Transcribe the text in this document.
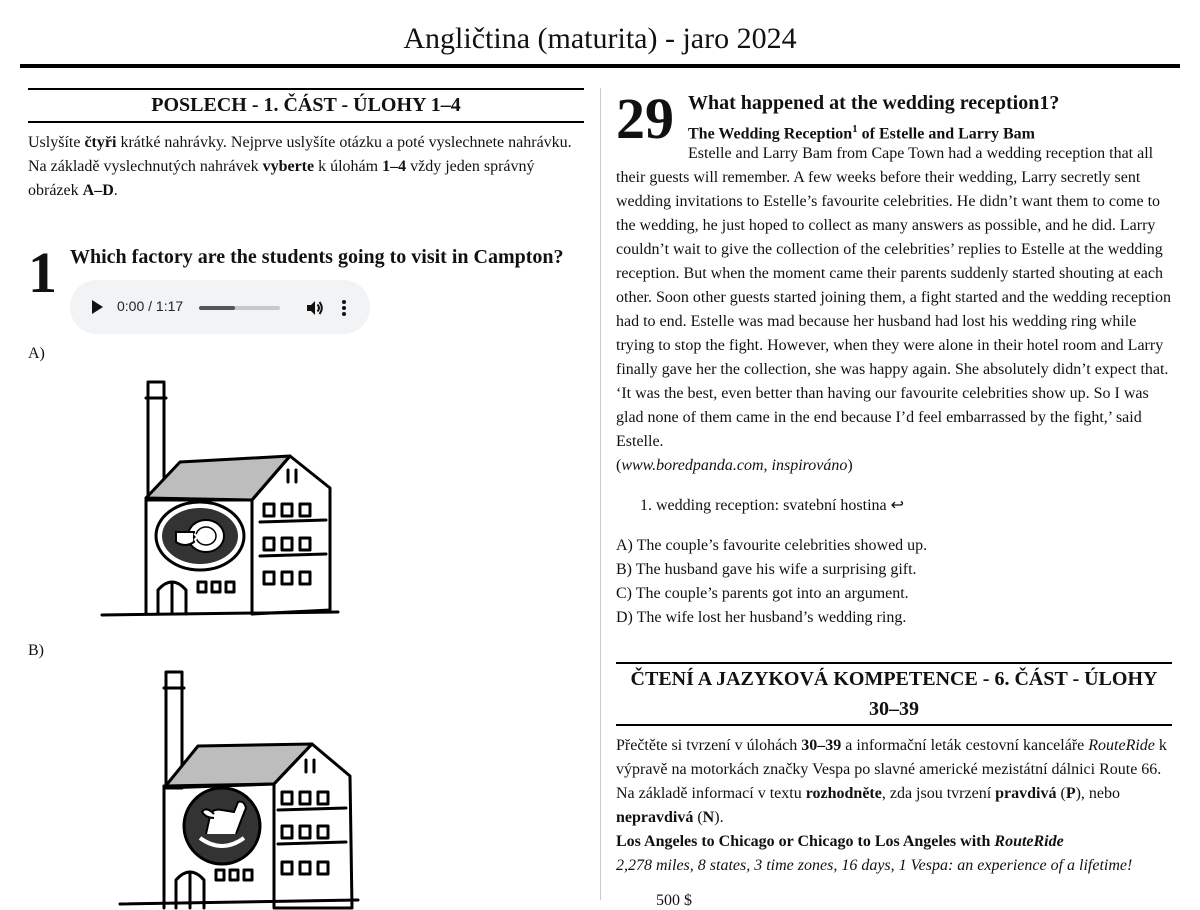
Angličtina (maturita) - jaro 2024
POSLECH - 1. ČÁST - ÚLOHY 1–4
Uslyšíte čtyři krátké nahrávky. Nejprve uslyšíte otázku a poté vyslechnete nahrávku. Na základě vyslechnutých nahrávek vyberte k úlohám 1–4 vždy jeden správný obrázek A–D.
1 Which factory are the students going to visit in Campton?
0:00 / 1:17
A)
B)
29 What happened at the wedding reception1?
The Wedding Reception$^1$ of Estelle and Larry Bam
Estelle and Larry Bam from Cape Town had a wedding reception that all their guests will remember. A few weeks before their wedding, Larry secretly sent wedding invitations to Estelle’s favourite celebrities. He didn’t want them to come to the wedding, he just hoped to collect as many answers as possible, and he did. Larry couldn’t wait to give the collection of the celebrities’ replies to Estelle at the wedding reception. But when the moment came their parents suddenly started shouting at each other. Soon other guests started joining them, a fight started and the wedding reception had to end. Estelle was mad because her husband had lost his wedding ring while trying to stop the fight. However, when they were alone in their hotel room and Larry finally gave her the collection, she was happy again. She absolutely didn’t expect that. ‘It was the best, even better than having our favourite celebrities show up. So I was glad none of them came in the end because I’d feel embarrassed by the fight,’ said Estelle.
(www.boredpanda.com, inspirováno)
1. wedding reception: svatební hostina ↩
A) The couple’s favourite celebrities showed up.
B) The husband gave his wife a surprising gift.
C) The couple’s parents got into an argument.
D) The wife lost her husband’s wedding ring.
ČTENÍ A JAZYKOVÁ KOMPETENCE - 6. ČÁST - ÚLOHY 30–39
Přečtěte si tvrzení v úlohách 30–39 a informační leták cestovní kanceláře RouteRide k výpravě na motorkách značky Vespa po slavné americké mezistátní dálnici Route 66. Na základě informací v textu rozhodněte, zda jsou tvrzení pravdivá (P), nebo nepravdivá (N).
Los Angeles to Chicago or Chicago to Los Angeles with RouteRide
2,278 miles, 8 states, 3 time zones, 16 days, 1 Vespa: an experience of a lifetime!
500 $
